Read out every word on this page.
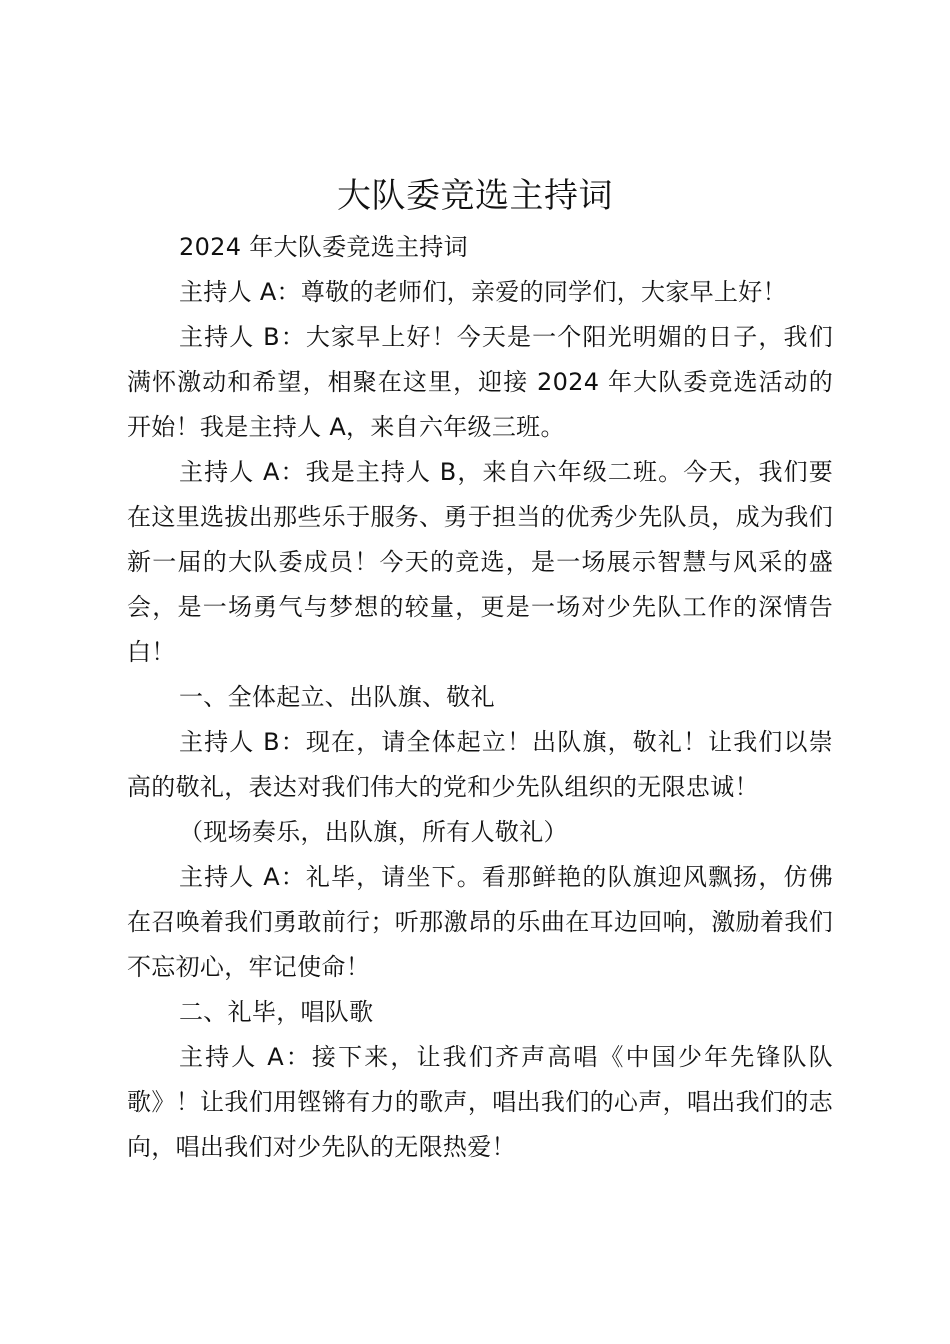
大队委竞选主持词

2024 年大队委竞选主持词

主持人 A：尊敬的老师们，亲爱的同学们，大家早上好！

主持人 B：大家早上好！今天是一个阳光明媚的日子，我们满怀激动和希望，相聚在这里，迎接 2024 年大队委竞选活动的开始！我是主持人 A，来自六年级三班。

主持人 A：我是主持人 B，来自六年级二班。今天，我们要在这里选拔出那些乐于服务、勇于担当的优秀少先队员，成为我们新一届的大队委成员！今天的竞选，是一场展示智慧与风采的盛会，是一场勇气与梦想的较量，更是一场对少先队工作的深情告白！

一、全体起立、出队旗、敬礼

主持人 B：现在，请全体起立！出队旗，敬礼！让我们以崇高的敬礼，表达对我们伟大的党和少先队组织的无限忠诚！

（现场奏乐，出队旗，所有人敬礼）

主持人 A：礼毕，请坐下。看那鲜艳的队旗迎风飘扬，仿佛在召唤着我们勇敢前行；听那激昂的乐曲在耳边回响，激励着我们不忘初心，牢记使命！

二、礼毕，唱队歌

主持人 A：接下来，让我们齐声高唱《中国少年先锋队队歌》！让我们用铿锵有力的歌声，唱出我们的心声，唱出我们的志向，唱出我们对少先队的无限热爱！
